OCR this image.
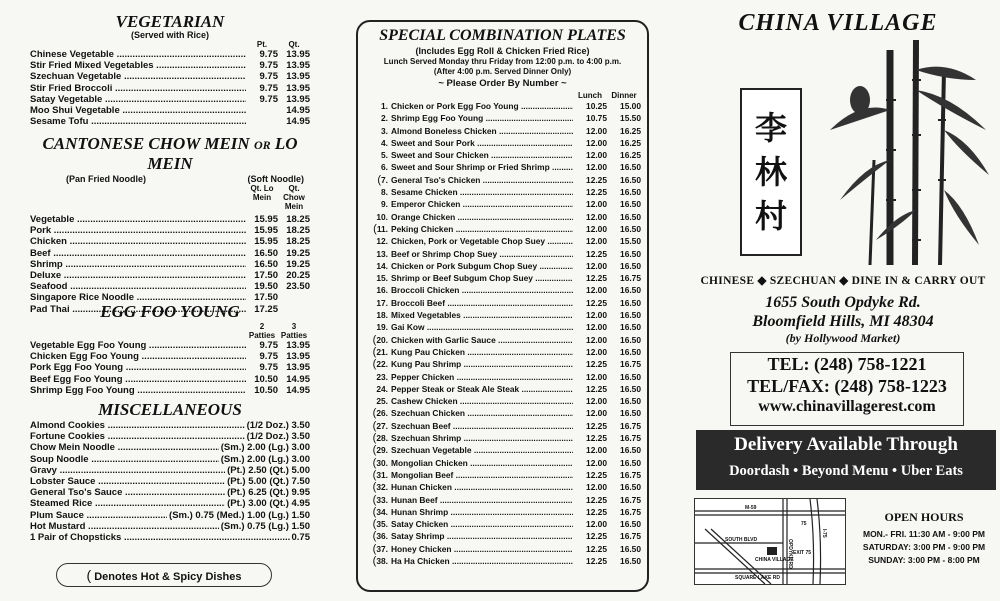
VEGETARIAN
(Served with Rice)
Pt.	Qt.
Chinese Vegetable .....	9.75 13.95
Stir Fried Mixed Vegetables .....	9.75 13.95
Szechuan Vegetable .....	9.75 13.95
Stir Fried Broccoli .....	9.75 13.95
Satay Vegetable .....	9.75 13.95
Moo Shui Vegetable .....	14.95
Sesame Tofu .....	14.95
CANTONESE CHOW MEIN OR LO MEIN
(Pan Fried Noodle)	(Soft Noodle)
Qt. Lo Mein
Qt. Chow Mein
Vegetable .....	15.95 18.25
Pork .....	15.95 18.25
Chicken .....	15.95 18.25
Beef .....	16.50 19.25
Shrimp .....	16.50 19.25
Deluxe .....	17.50 20.25
Seafood .....	19.50 23.50
Singapore Rice Noodle .....	17.50
Pad Thai .....	17.25
EGG FOO YOUNG
2 Patties
3 Patties
Vegetable Egg Foo Young .....	9.75 13.95
Chicken Egg Foo Young .....	9.75 13.95
Pork Egg Foo Young .....	9.75 13.95
Beef Egg Foo Young .....	10.50 14.95
Shrimp Egg Foo Young .....	10.50 14.95
MISCELLANEOUS
Almond Cookies .....	(1/2 Doz.) 3.50
Fortune Cookies .....	(1/2 Doz.) 3.50
Chow Mein Noodle .....	(Sm.) 2.00 (Lg.) 3.00
Soup Noodle .....	(Sm.) 2.00 (Lg.) 3.00
Gravy .....	(Pt.) 2.50 (Qt.) 5.00
Lobster Sauce .....	(Pt.) 5.00 (Qt.) 7.50
General Tso's Sauce .....	(Pt.) 6.25 (Qt.) 9.95
Steamed Rice .....	(Pt.) 3.00 (Qt.) 4.95
Plum Sauce .....	(Sm.) 0.75 (Med.) 1.00 (Lg.) 1.50
Hot Mustard .....	(Sm.) 0.75 (Lg.) 1.50
1 Pair of Chopsticks .....	0.75
( Denotes Hot & Spicy Dishes
SPECIAL COMBINATION PLATES
(Includes Egg Roll & Chicken Fried Rice)
Lunch Served Monday thru Friday from 12:00 p.m. to 4:00 p.m.
(After 4:00 p.m. Served Dinner Only)
~ Please Order By Number ~
Lunch	Dinner
1. Chicken or Pork Egg Foo Young .....	10.25	15.00
2. Shrimp Egg Foo Young .....	10.75	15.50
3. Almond Boneless Chicken .....	12.00	16.25
4. Sweet and Sour Pork .....	12.00	16.25
5. Sweet and Sour Chicken .....	12.00	16.25
6. Sweet and Sour Shrimp or Fried Shrimp .....	12.00	16.50
(7. General Tso's Chicken .....	12.25	16.50
8. Sesame Chicken .....	12.25	16.50
9. Emperor Chicken .....	12.00	16.50
10. Orange Chicken .....	12.00	16.50
(11. Peking Chicken .....	12.00	16.50
12. Chicken, Pork or Vegetable Chop Suey .....	12.00	15.50
13. Beef or Shrimp Chop Suey .....	12.25	16.50
14. Chicken or Pork Subgum Chop Suey .....	12.00	16.50
15. Shrimp or Beef Subgum Chop Suey .....	12.25	16.75
16. Broccoli Chicken .....	12.00	16.50
17. Broccoli Beef .....	12.25	16.50
18. Mixed Vegetables .....	12.00	16.50
19. Gai Kow .....	12.00	16.50
(20. Chicken with Garlic Sauce .....	12.00	16.50
(21. Kung Pau Chicken .....	12.00	16.50
(22. Kung Pau Shrimp .....	12.25	16.75
23. Pepper Chicken .....	12.00	16.50
24. Pepper Steak or Steak Ale Steak .....	12.25	16.50
25. Cashew Chicken .....	12.00	16.50
(26. Szechuan Chicken .....	12.00	16.50
(27. Szechuan Beef .....	12.25	16.75
(28. Szechuan Shrimp .....	12.25	16.75
(29. Szechuan Vegetable .....	12.00	16.50
(30. Mongolian Chicken .....	12.00	16.50
(31. Mongolian Beef .....	12.25	16.75
(32. Hunan Chicken .....	12.00	16.50
(33. Hunan Beef .....	12.25	16.75
(34. Hunan Shrimp .....	12.25	16.75
(35. Satay Chicken .....	12.00	16.50
(36. Satay Shrimp .....	12.25	16.75
(37. Honey Chicken .....	12.25	16.50
(38. Ha Ha Chicken .....	12.25	16.50
CHINA VILLAGE
李
林
村
CHINESE ◆ SZECHUAN ◆ DINE IN & CARRY OUT
1655 South Opdyke Rd.
Bloomfield Hills, MI 48304
(by Hollywood Market)
TEL: (248) 758-1221
TEL/FAX: (248) 758-1223
www.chinavillagerest.com
Delivery Available Through
Doordash • Beyond Menu • Uber Eats
M-59
OPDYKE RD
SOUTH BLVD
CHINA VILLAGE
EXIT 75
SQUARE LAKE RD
I-75
75	OPEN HOURS
MON.- FRI. 11:30 AM - 9:00 PM
SATURDAY: 3:00 PM - 9:00 PM
SUNDAY: 3:00 PM - 8:00 PM
